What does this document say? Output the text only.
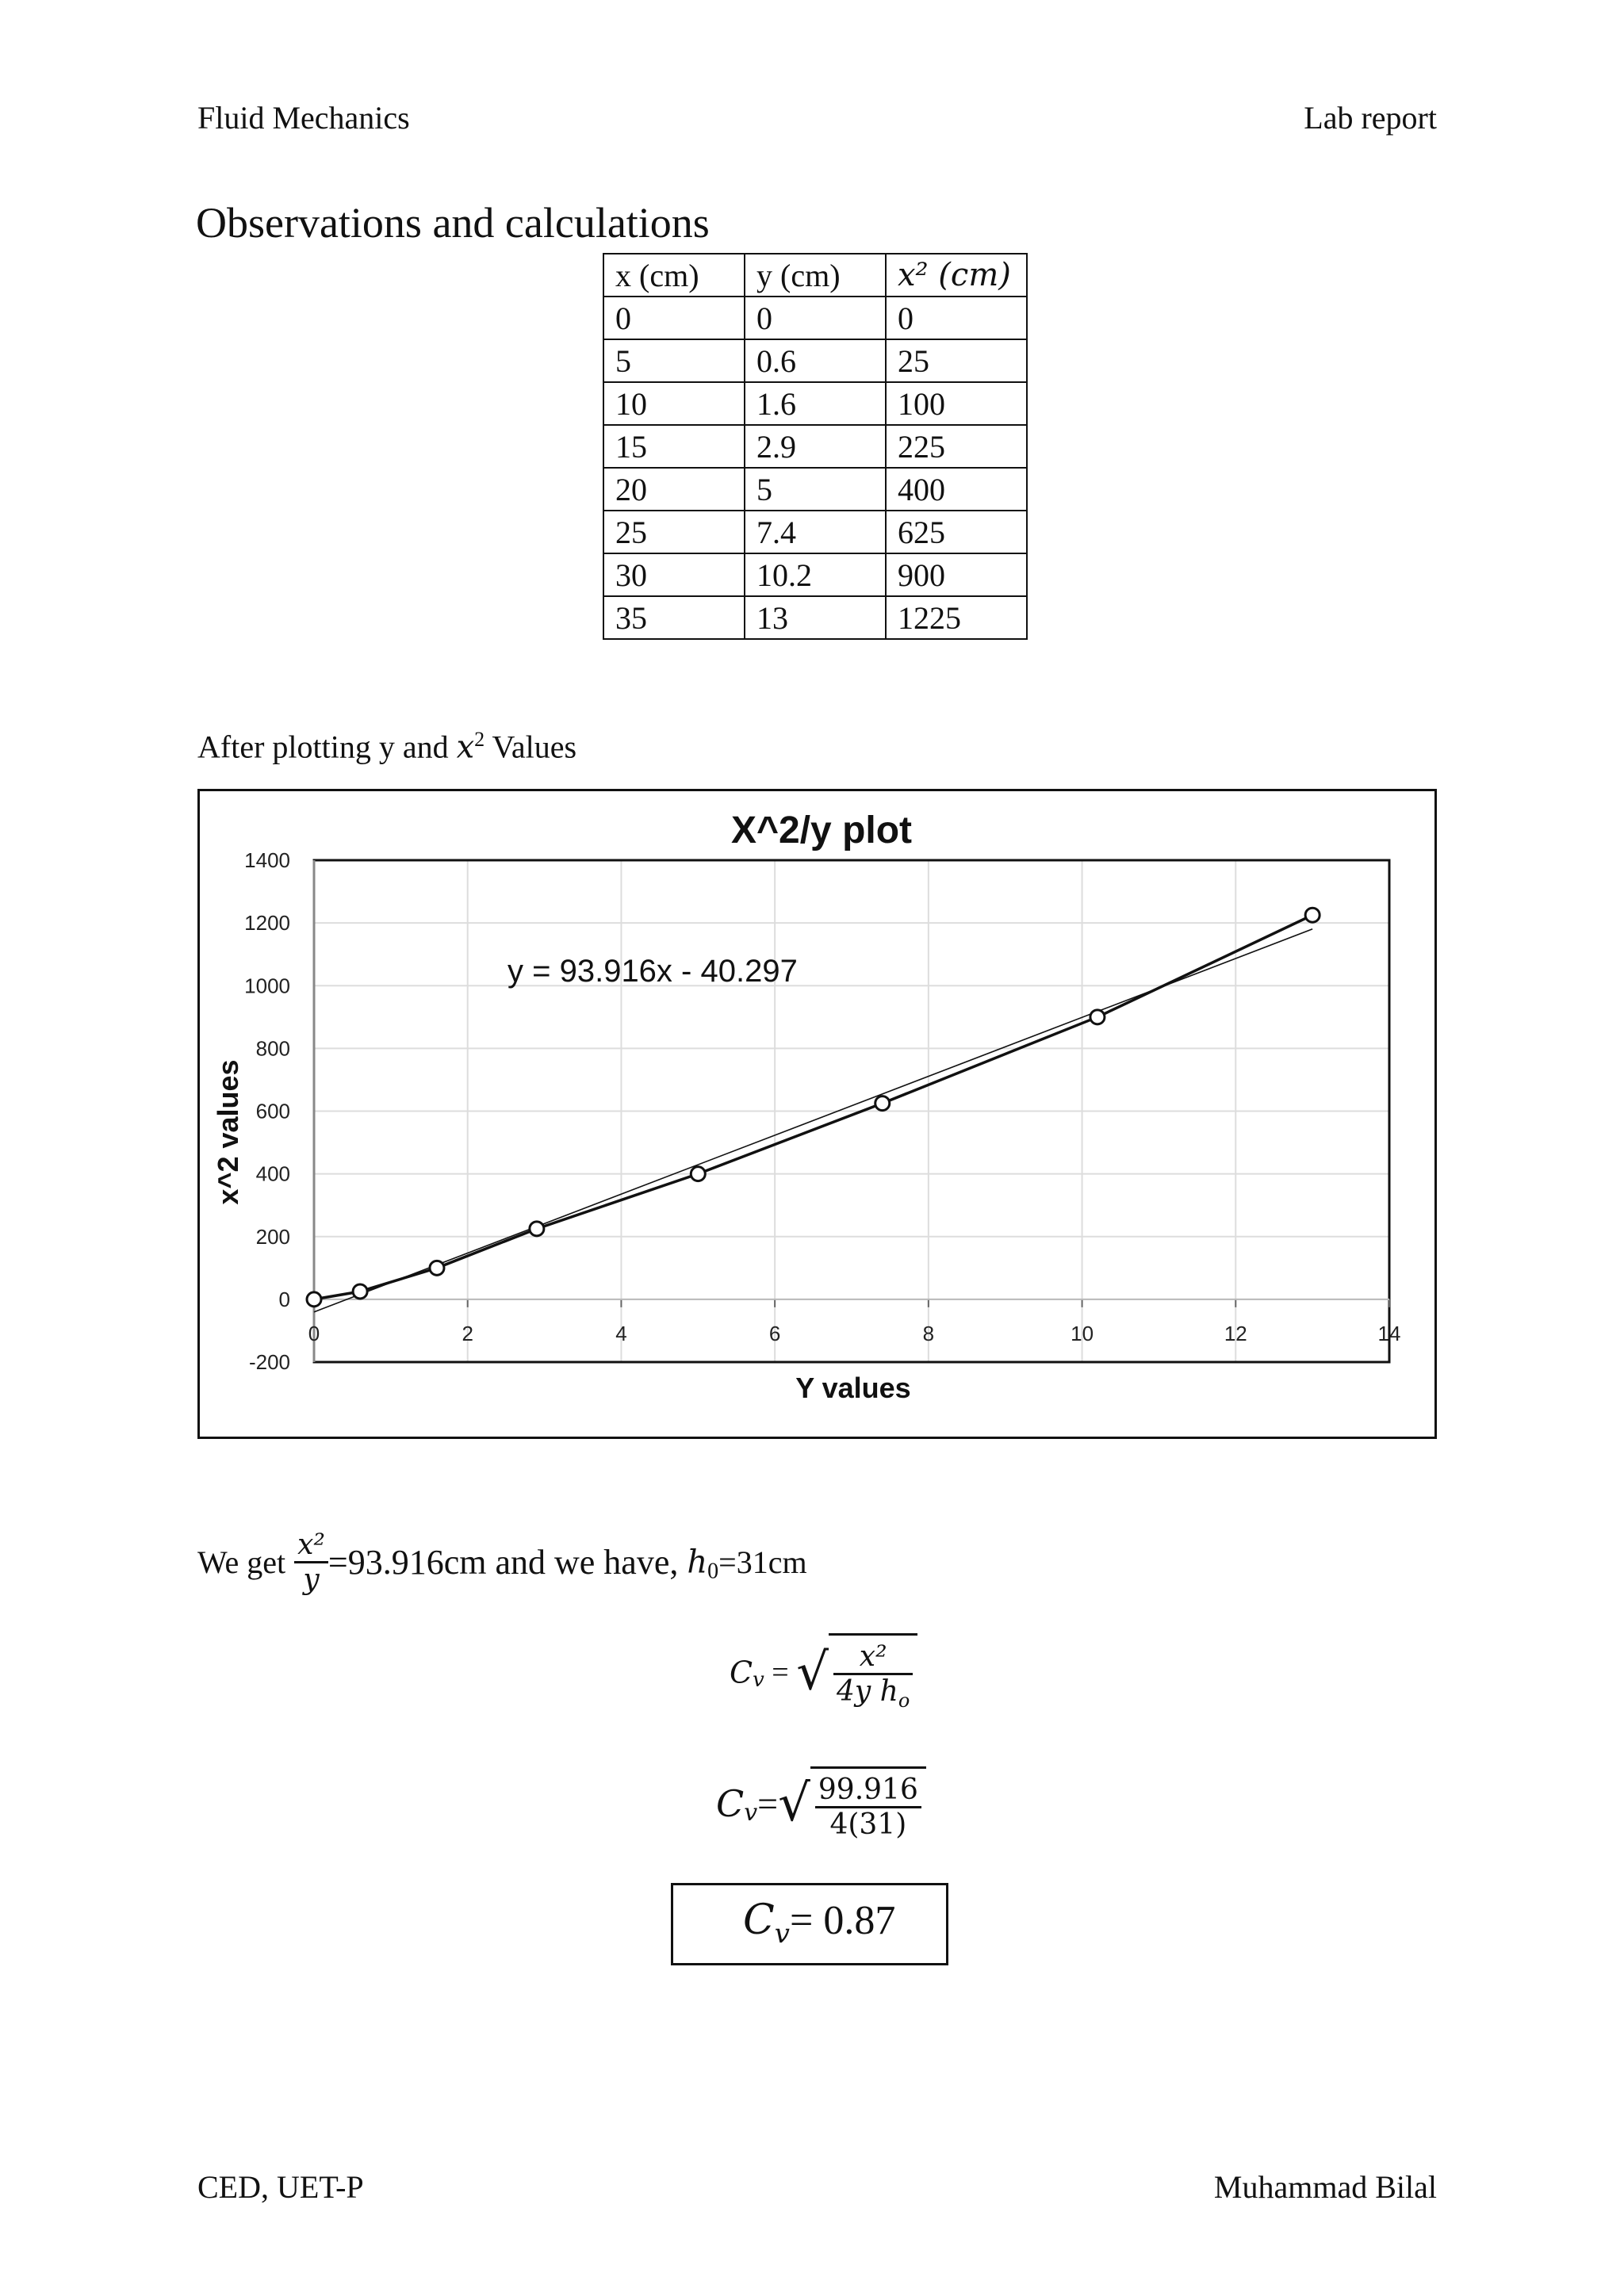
Fluid Mechanics	Lab report
Observations and calculations
x (cm)	y (cm)	x² (cm)
0	0	0
5	0.6	25
10	1.6	100
15	2.9	225
20	5	400
25	7.4	625
30	10.2	900
35	13	1225
After plotting y and $x^2$ Values
-200
0
200
400
600
800
1000
1200
1400
0	2	4	6	8	10	12	14
X^2/y plot
y = 93.916x - 40.297
Y values
x^2 values
We get $\frac{\text{x²}}{y} =93.916cm$ and we have, $h_0=31cm$
$C_v$ = √ $\frac{\text{x²}}{4y h_o}$
$C_v=√ \frac{99.916}{4(31)}$
$C_v= 0.87$
CED, UET-P	Muhammad Bilal
